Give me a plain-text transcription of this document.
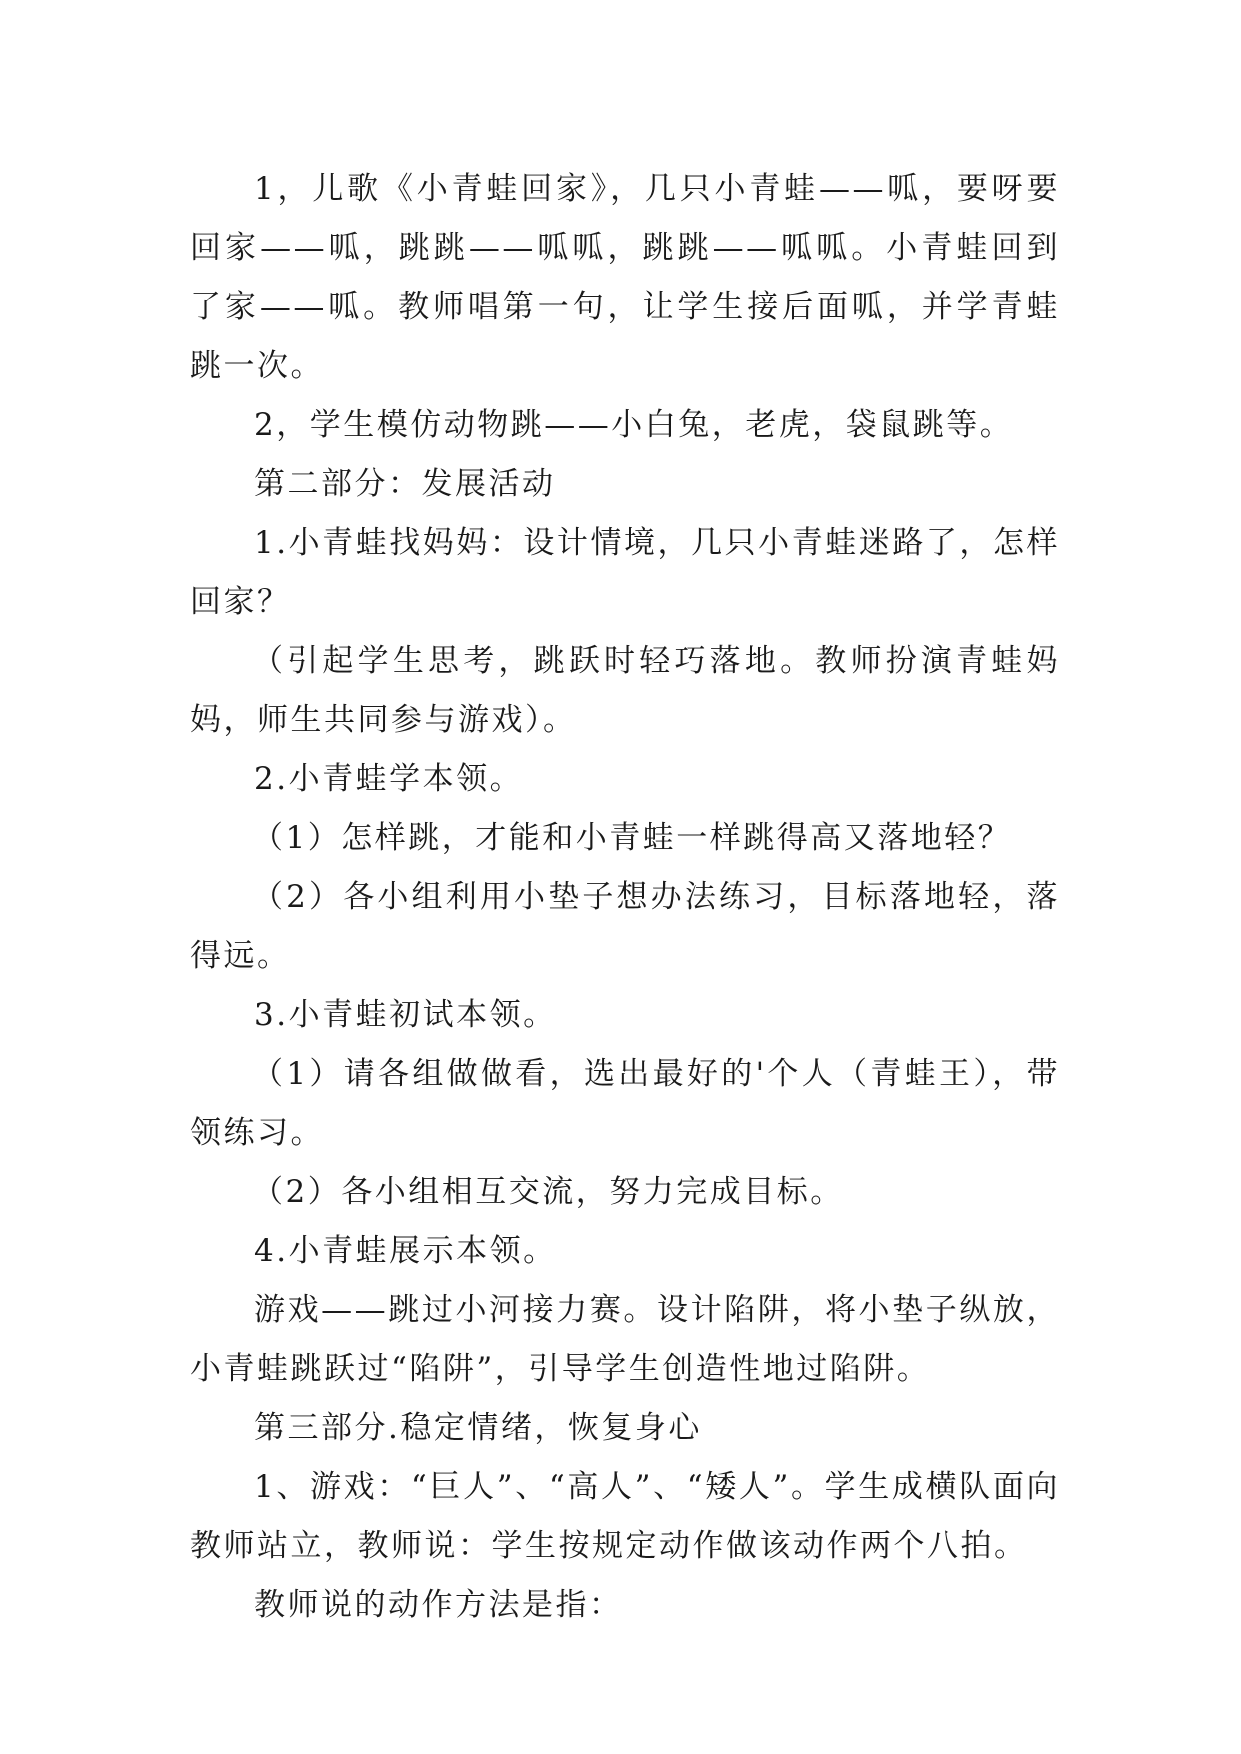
1，儿歌《小青蛙回家》，几只小青蛙——呱，要呀要回家——呱，跳跳——呱呱，跳跳——呱呱。小青蛙回到了家——呱。教师唱第一句，让学生接后面呱，并学青蛙跳一次。

2，学生模仿动物跳——小白兔，老虎，袋鼠跳等。

第二部分：发展活动

1.小青蛙找妈妈：设计情境，几只小青蛙迷路了，怎样回家？

（引起学生思考，跳跃时轻巧落地。教师扮演青蛙妈妈，师生共同参与游戏）。

2.小青蛙学本领。

（1）怎样跳，才能和小青蛙一样跳得高又落地轻？

（2）各小组利用小垫子想办法练习，目标落地轻，落得远。

3.小青蛙初试本领。

（1）请各组做做看，选出最好的'个人（青蛙王），带领练习。

（2）各小组相互交流，努力完成目标。

4.小青蛙展示本领。

游戏——跳过小河接力赛。设计陷阱，将小垫子纵放，小青蛙跳跃过“陷阱”，引导学生创造性地过陷阱。

第三部分.稳定情绪，恢复身心

1、游戏：“巨人”、“高人”、“矮人”。学生成横队面向教师站立，教师说：学生按规定动作做该动作两个八拍。

教师说的动作方法是指：
